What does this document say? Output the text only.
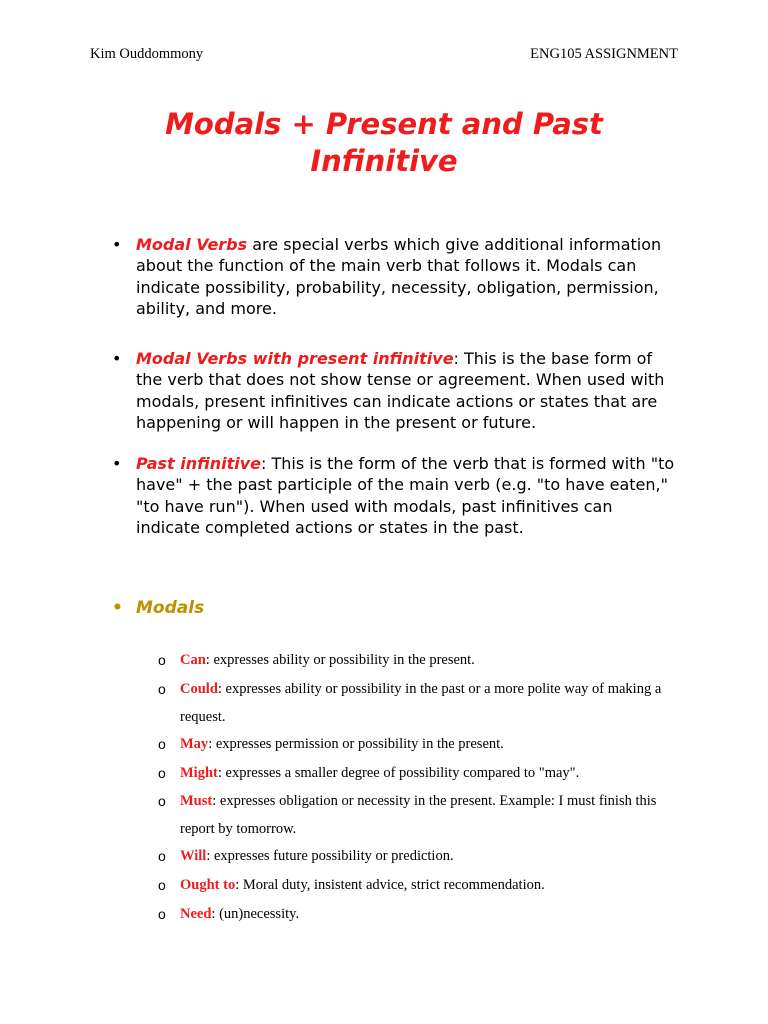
Kim Ouddommony	ENG105 ASSIGNMENT
Modals + Present and Past
Infinitive
• Modal Verbs are special verbs which give additional information about the function of the main verb that follows it. Modals can indicate possibility, probability, necessity, obligation, permission, ability, and more.
• Modal Verbs with present infinitive: This is the base form of the verb that does not show tense or agreement. When used with modals, present infinitives can indicate actions or states that are happening or will happen in the present or future.
• Past infinitive: This is the form of the verb that is formed with "to have" + the past participle of the main verb (e.g. "to have eaten," "to have run"). When used with modals, past infinitives can indicate completed actions or states in the past.
• Modals
o Can: expresses ability or possibility in the present.
o Could: expresses ability or possibility in the past or a more polite way of making a request.
o May: expresses permission or possibility in the present.
o Might: expresses a smaller degree of possibility compared to "may".
o Must: expresses obligation or necessity in the present. Example: I must finish this report by tomorrow.
o Will: expresses future possibility or prediction.
o Ought to: Moral duty, insistent advice, strict recommendation.
o Need: (un)necessity.
